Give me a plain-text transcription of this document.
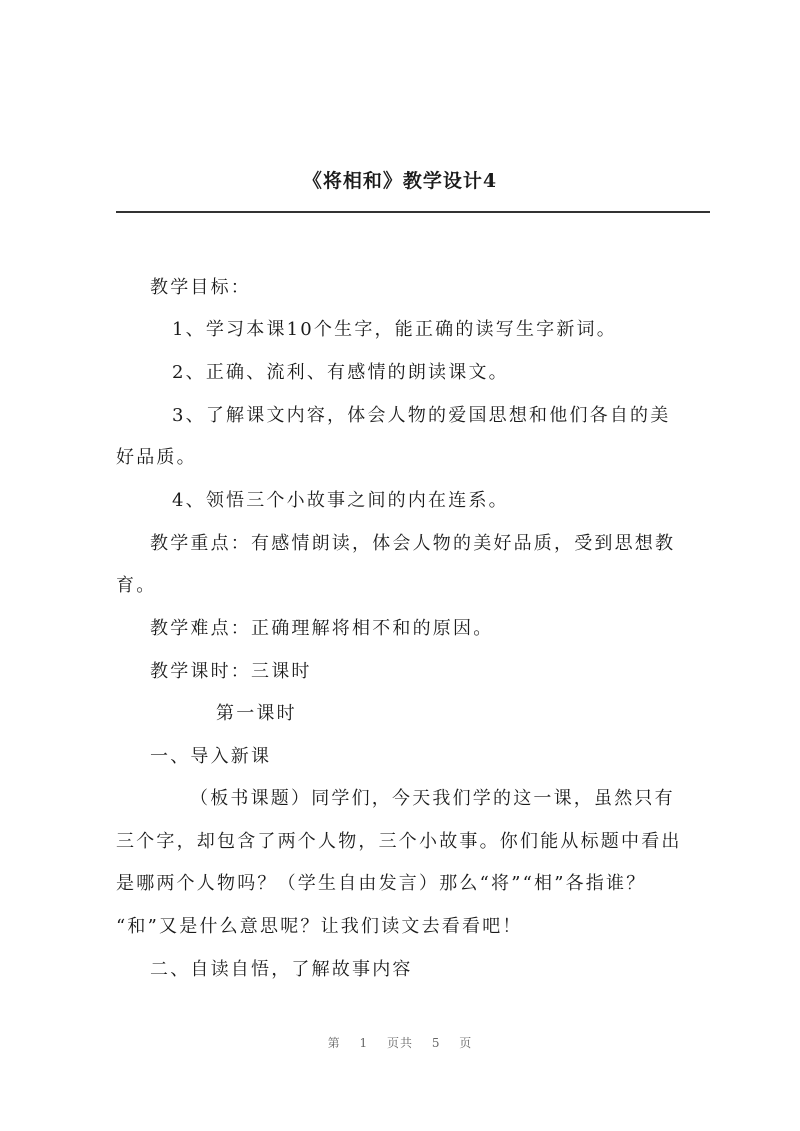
《将相和》教学设计4
教学目标：
1、学习本课10个生字，能正确的读写生字新词。
2、正确、流利、有感情的朗读课文。
3、了解课文内容，体会人物的爱国思想和他们各自的美
好品质。
4、领悟三个小故事之间的内在连系。
教学重点：有感情朗读，体会人物的美好品质，受到思想教
育。
教学难点：正确理解将相不和的原因。
教学课时：三课时
第一课时
一、导入新课
（板书课题）同学们，今天我们学的这一课，虽然只有
三个字，却包含了两个人物，三个小故事。你们能从标题中看出
是哪两个人物吗？（学生自由发言）那么“将”“相”各指谁？
“和”又是什么意思呢？让我们读文去看看吧！
二、自读自悟，了解故事内容
第 1 页共 5 页
